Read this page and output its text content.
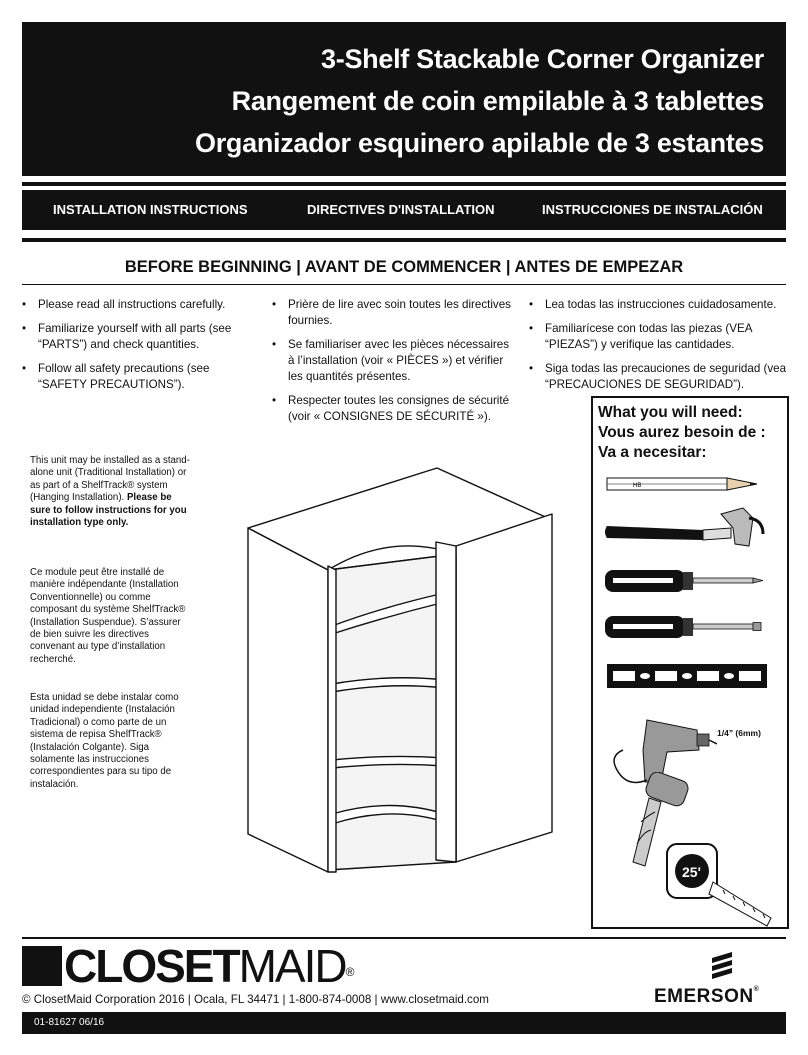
3-Shelf Stackable Corner Organizer
Rangement de coin empilable à 3 tablettes
Organizador esquinero apilable de 3 estantes
INSTALLATION INSTRUCTIONS	DIRECTIVES D'INSTALLATION	INSTRUCCIONES DE INSTALACIÓN
BEFORE BEGINNING | AVANT DE COMMENCER | ANTES DE EMPEZAR
• Please read all instructions carefully.
• Familiarize yourself with all parts (see “PARTS”) and check quantities.
• Follow all safety precautions (see “SAFETY PRECAUTIONS”).
• Prière de lire avec soin toutes les directives fournies.
• Se familiariser avec les pièces nécessaires à l’installation (voir « PIÈCES ») et vérifier les quantités présentes.
• Respecter toutes les consignes de sécurité (voir « CONSIGNES DE SÉCURITÉ »).
• Lea todas las instrucciones cuidadosamente.
• Familiarícese con todas las piezas (VEA “PIEZAS”) y verifique las cantidades.
• Siga todas las precauciones de seguridad (vea “PRECAUCIONES DE SEGURIDAD”).
This unit may be installed as a stand-alone unit (Traditional Installation) or as part of a ShelfTrack® system (Hanging Installation). Please be sure to follow instructions for you installation type only.
Ce module peut être installé de manière indépendante (Installation Conventionnelle) ou comme composant du système ShelfTrack® (Installation Suspendue). S’assurer de bien suivre les directives convenant au type d’installation recherché.
Esta unidad se debe instalar como unidad independiente (Instalación Tradicional) o como parte de un sistema de repisa ShelfTrack® (Instalación Colgante). Siga solamente las instrucciones correspondientes para su tipo de instalación.
What you will need:
Vous aurez besoin de :
Va a necesitar:
HB
1/4” (6mm)
25'
CLOSETMAID®
© ClosetMaid Corporation 2016 | Ocala, FL 34471 | 1-800-874-0008 | www.closetmaid.com	EMERSON®
01-81627 06/16
